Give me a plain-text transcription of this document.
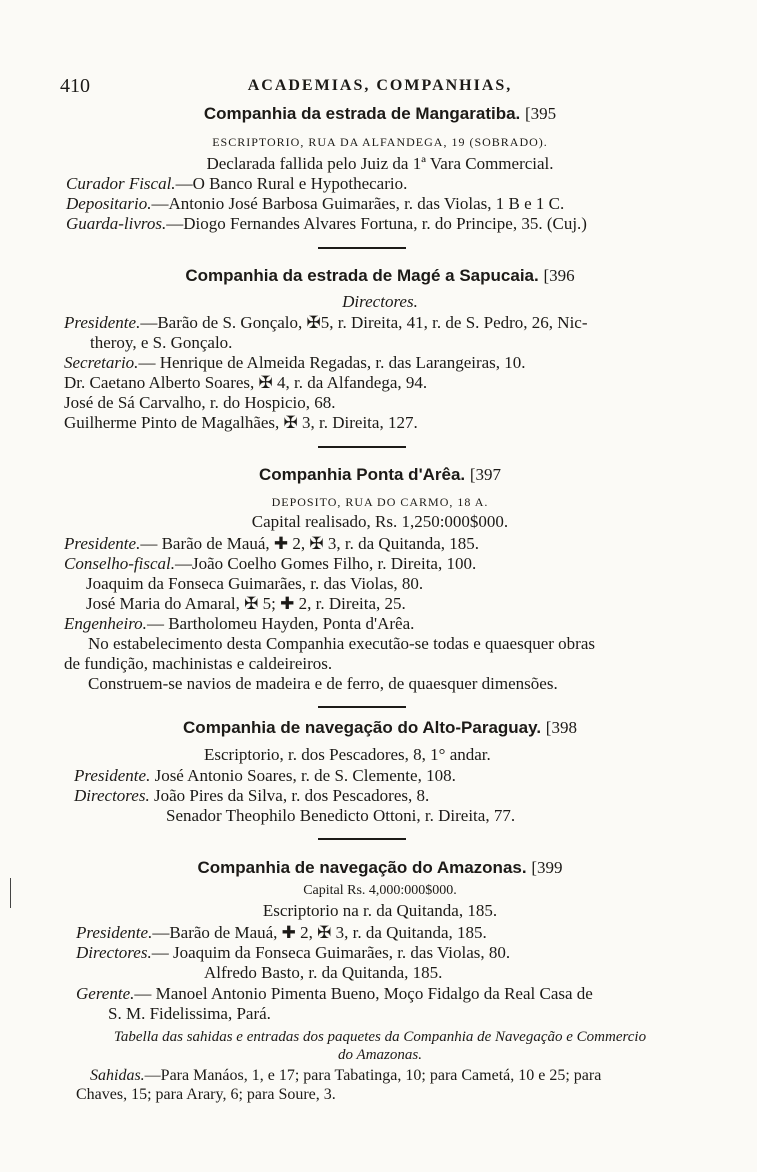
410	ACADEMIAS, COMPANHIAS,
Companhia da estrada de Mangaratiba. [395
ESCRIPTORIO, RUA DA ALFANDEGA, 19 (SOBRADO).
Declarada fallida pelo Juiz da 1ª Vara Commercial.
Curador Fiscal.—O Banco Rural e Hypothecario.
Depositario.—Antonio José Barbosa Guimarães, r. das Violas, 1 B e 1 C.
Guarda-livros.—Diogo Fernandes Alvares Fortuna, r. do Principe, 35. (Cuj.)
Companhia da estrada de Magé a Sapucaia. [396
Directores.
Presidente.—Barão de S. Gonçalo, ✠5, r. Direita, 41, r. de S. Pedro, 26, Nic-
theroy, e S. Gonçalo.
Secretario.— Henrique de Almeida Regadas, r. das Larangeiras, 10.
Dr. Caetano Alberto Soares, ✠ 4, r. da Alfandega, 94.
José de Sá Carvalho, r. do Hospicio, 68.
Guilherme Pinto de Magalhães, ✠ 3, r. Direita, 127.
Companhia Ponta d'Arêa. [397
DEPOSITO, RUA DO CARMO, 18 A.
Capital realisado, Rs. 1,250:000$000.
Presidente.— Barão de Mauá, ✚ 2, ✠ 3, r. da Quitanda, 185.
Conselho-fiscal.—João Coelho Gomes Filho, r. Direita, 100.
Joaquim da Fonseca Guimarães, r. das Violas, 80.
José Maria do Amaral, ✠ 5; ✚ 2, r. Direita, 25.
Engenheiro.— Bartholomeu Hayden, Ponta d'Arêa.
No estabelecimento desta Companhia executão-se todas e quaesquer obras
de fundição, machinistas e caldeireiros.
Construem-se navios de madeira e de ferro, de quaesquer dimensões.
Companhia de navegação do Alto-Paraguay. [398
Escriptorio, r. dos Pescadores, 8, 1° andar.
Presidente. José Antonio Soares, r. de S. Clemente, 108.
Directores. João Pires da Silva, r. dos Pescadores, 8.
Senador Theophilo Benedicto Ottoni, r. Direita, 77.
Companhia de navegação do Amazonas. [399
Capital Rs. 4,000:000$000.
Escriptorio na r. da Quitanda, 185.
Presidente.—Barão de Mauá, ✚ 2, ✠ 3, r. da Quitanda, 185.
Directores.— Joaquim da Fonseca Guimarães, r. das Violas, 80.
Alfredo Basto, r. da Quitanda, 185.
Gerente.— Manoel Antonio Pimenta Bueno, Moço Fidalgo da Real Casa de
S. M. Fidelissima, Pará.
Tabella das sahidas e entradas dos paquetes da Companhia de Navegação e Commercio
do Amazonas.
Sahidas.—Para Manáos, 1, e 17; para Tabatinga, 10; para Cametá, 10 e 25; para
Chaves, 15; para Arary, 6; para Soure, 3.
